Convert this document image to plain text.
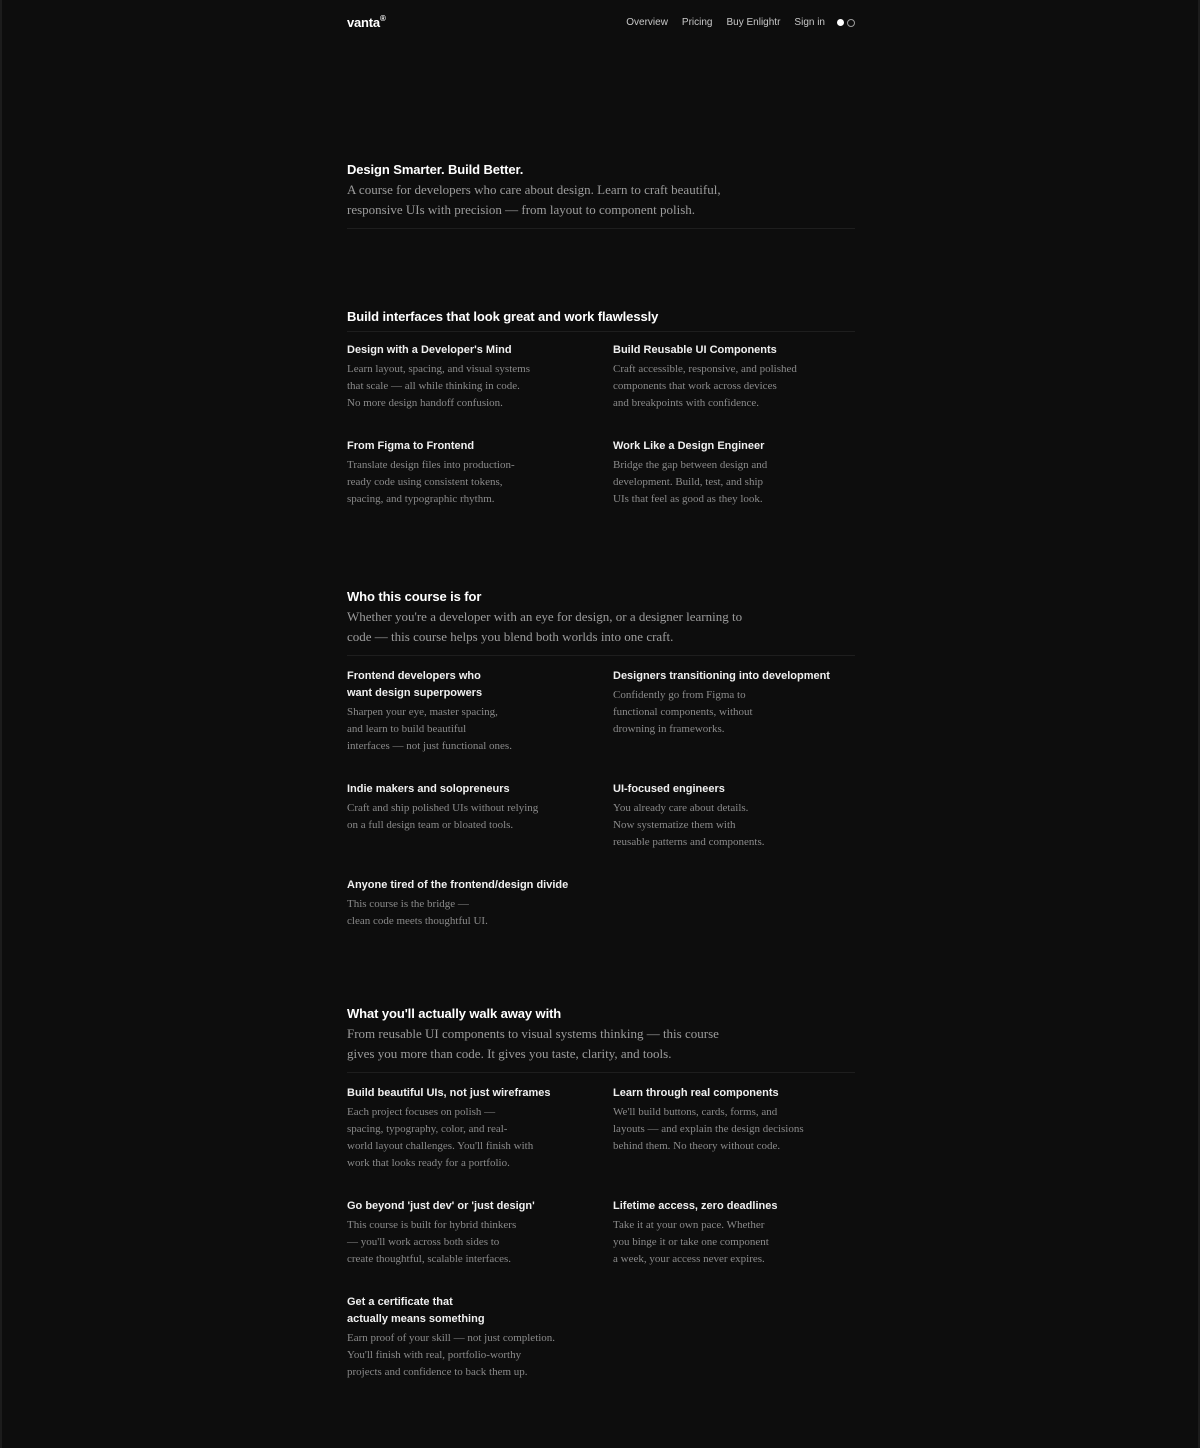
vanta®	Overview Pricing Buy Enlightr Sign in
Design Smarter. Build Better.

A course for developers who care about design. Learn to craft beautiful, responsive UIs with precision — from layout to component polish.

Build interfaces that look great and work flawlessly
Design with a Developer's Mind

Learn layout, spacing, and visual systems
that scale — all while thinking in code.
No more design handoff confusion.

Build Reusable UI Components

Craft accessible, responsive, and polished
components that work across devices
and breakpoints with confidence.

From Figma to Frontend

Translate design files into production-
ready code using consistent tokens,
spacing, and typographic rhythm.

Work Like a Design Engineer

Bridge the gap between design and
development. Build, test, and ship
UIs that feel as good as they look.

Who this course is for

Whether you're a developer with an eye for design, or a designer learning to code — this course helps you blend both worlds into one craft.

Frontend developers who
want design superpowers

Sharpen your eye, master spacing,
and learn to build beautiful
interfaces — not just functional ones.

Designers transitioning into development

Confidently go from Figma to
functional components, without
drowning in frameworks.

Indie makers and solopreneurs

Craft and ship polished UIs without relying
on a full design team or bloated tools.

UI-focused engineers

You already care about details.
Now systematize them with
reusable patterns and components.

Anyone tired of the frontend/design divide

This course is the bridge —
clean code meets thoughtful UI.

What you'll actually walk away with

From reusable UI components to visual systems thinking — this course gives you more than code. It gives you taste, clarity, and tools.

Build beautiful UIs, not just wireframes

Each project focuses on polish —
spacing, typography, color, and real-
world layout challenges. You'll finish with
work that looks ready for a portfolio.

Learn through real components

We'll build buttons, cards, forms, and
layouts — and explain the design decisions
behind them. No theory without code.

Go beyond 'just dev' or 'just design'

This course is built for hybrid thinkers
— you'll work across both sides to
create thoughtful, scalable interfaces.

Lifetime access, zero deadlines

Take it at your own pace. Whether
you binge it or take one component
a week, your access never expires.

Get a certificate that
actually means something

Earn proof of your skill — not just completion.
You'll finish with real, portfolio-worthy
projects and confidence to back them up.
